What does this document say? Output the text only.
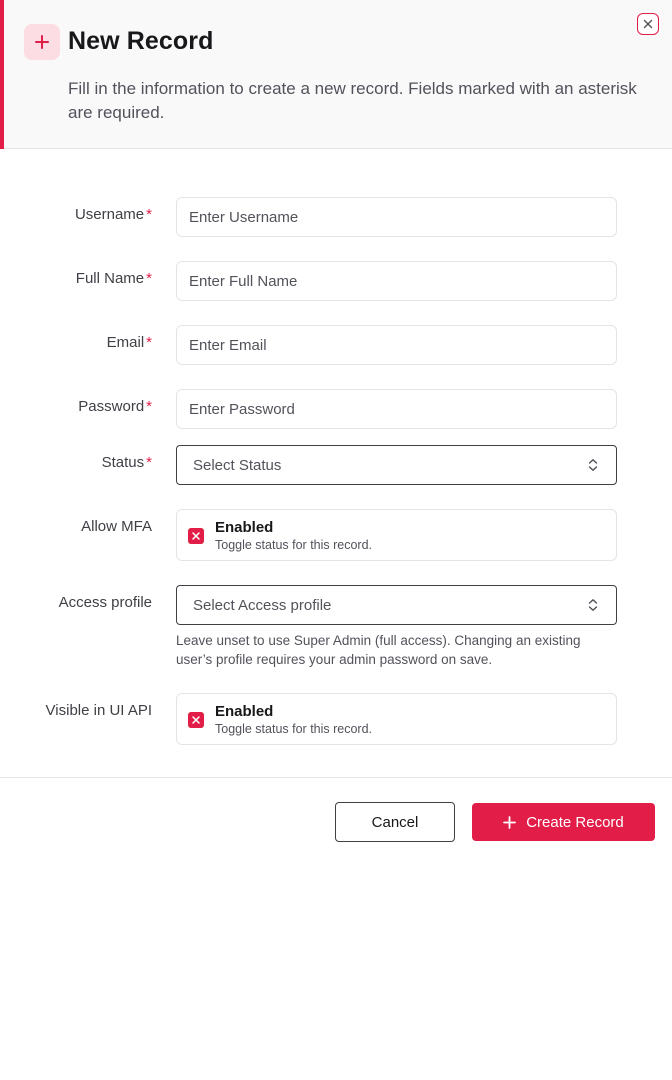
New Record
Fill in the information to create a new record. Fields marked with an asterisk are required.
Username *
Enter Username
Full Name *
Enter Full Name
Email *
Enter Email
Password *
Status *	Select Status
Allow MFA	Enabled
Toggle status for this record.
Access profile	Select Access profile
Leave unset to use Super Admin (full access). Changing an existing user’s profile requires your admin password on save.
Visible in UI API	Enabled
Toggle status for this record.
Cancel	Create Record
